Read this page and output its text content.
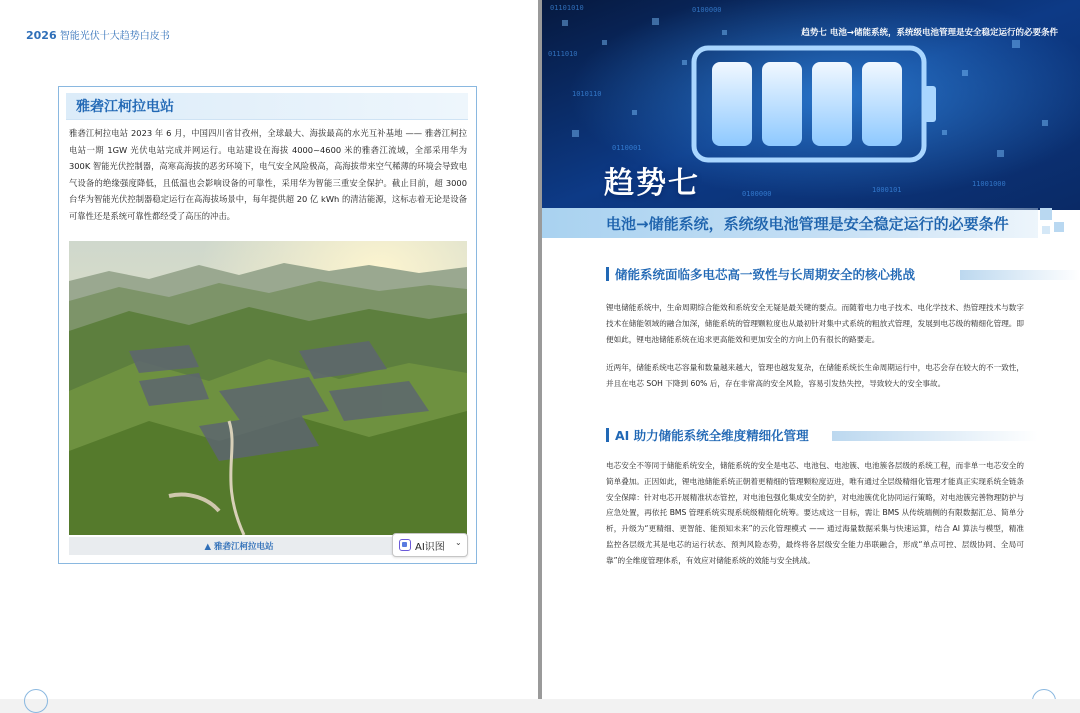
2026 智能光伏十大趋势白皮书
雅砻江柯拉电站
雅砻江柯拉电站 2023 年 6 月，中国四川省甘孜州，全球最大、海拔最高的水光互补基地 —— 雅砻江柯拉电站一期 1GW 光伏电站完成并网运行。电站建设在海拔 4000~4600 米的雅砻江流域，全部采用华为 300K 智能光伏控制器，高寒高海拔的恶劣环境下，电气安全风险极高，高海拔带来空气稀薄的环境会导致电气设备的绝缘强度降低，且低温也会影响设备的可靠性，采用华为智能三重安全保护。截止目前，超 3000 台华为智能光伏控制器稳定运行在高海拔场景中，每年提供超 20 亿 kWh 的清洁能源，这标志着无论是设备可靠性还是系统可靠性都经受了高压的冲击。
▲ 雅砻江柯拉电站	AI识图 ⌄
01101010	0100000
1010110
0110001
0100000	1000101
11001000
0111010
趋势七 电池→储能系统，系统级电池管理是安全稳定运行的必要条件
趋势七
电池→储能系统，系统级电池管理是安全稳定运行的必要条件
储能系统面临多电芯高一致性与长周期安全的核心挑战
锂电储能系统中，生命周期综合能效和系统安全无疑是最关键的要点。而随着电力电子技术、电化学技术、热管理技术与数字技术在储能领域的融合加深，储能系统的管理颗粒度也从最初针对集中式系统的粗放式管理，发展到电芯级的精细化管理。即便如此，锂电池储能系统在追求更高能效和更加安全的方向上仍有很长的路要走。
近两年，储能系统电芯容量和数量越来越大，管理也越发复杂，在储能系统长生命周期运行中，电芯会存在较大的不一致性，并且在电芯 SOH 下降到 60% 后，存在非常高的安全风险，容易引发热失控，导致较大的安全事故。
AI 助力储能系统全维度精细化管理
电芯安全不等同于储能系统安全，储能系统的安全是电芯、电池包、电池簇、电池簇各层级的系统工程，而非单一电芯安全的简单叠加。正因如此，锂电池储能系统正朝着更精细的管理颗粒度迈进，唯有通过全层级精细化管理才能真正实现系统全链条安全保障：针对电芯开展精准状态管控，对电池包强化集成安全防护，对电池簇优化协同运行策略，对电池簇完善物理防护与应急处置，再依托 BMS 管理系统实现系统级精细化统筹。要达成这一目标，需让 BMS 从传统端侧的有限数据汇总、简单分析，升级为“更精细、更智能、能预知未来”的云化管理模式 —— 通过海量数据采集与快速运算，结合 AI 算法与模型，精准监控各层级尤其是电芯的运行状态、预判风险态势，最终将各层级安全能力串联融合，形成“单点可控、层级协同、全局可靠”的全维度管理体系，有效应对储能系统的效能与安全挑战。
